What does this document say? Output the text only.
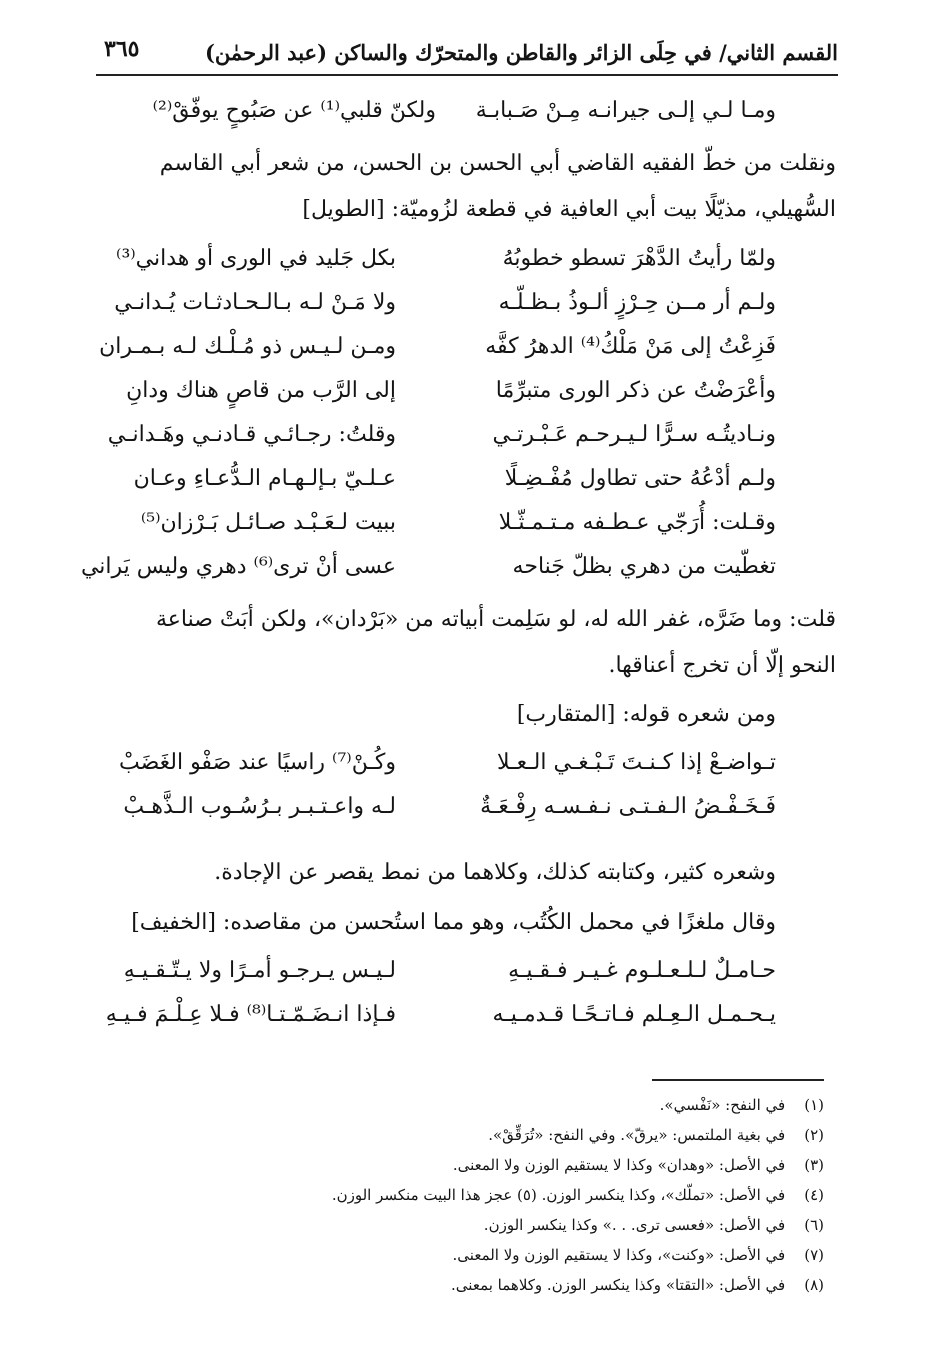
القسم الثاني/ في حِلَى الزائر والقاطن والمتحرّك والساكن (عبد الرحمٰن)
٣٦٥
ومـا لـي إلـى جيرانـه مِـنْ صَـبابـة
ولكنّ قلبي⁽¹⁾ عن صَبُوحٍ يوفّقْ⁽²⁾
ونقلت من خطّ الفقيه القاضي أبي الحسن بن الحسن، من شعر أبي القاسم
السُّهيلي، مذيّلًا بيت أبي العافية في قطعة لزُوميّة: [الطويل]
ولمّا رأيتُ الدَّهْرَ تسطو خطوبُهُ
بكل جَليد في الورى أو هداني⁽³⁾
ولـم أر مــن حِـرْزٍ ألـوذُ بـظـلّـه
ولا مَـنْ لـه بـالـحـادثـات يُـدانـي
فَزِعْتُ إلى مَنْ مَلْكُ⁽⁴⁾ الدهرُ كفَّه
ومـن لـيـس ذو مُـلْـك لـه بـمـران
وأعْرَضْتُ عن ذكر الورى متبرِّمًا
إلى الرَّب من قاصٍ هناك ودانِ
ونـاديتُـه سـرًّا لـيـرحـم عَـبْـرتـي
وقلتُ: رجـائـي قـادنـي وهَـدانـي
ولـم أدْعُهُ حتى تطاول مُفْـضِـلًا
عـلـيّ بـإلـهـام الـدُّعـاءِ وعـان
وقـلت: أُرَجّي عـطـفه مـتـمـثّـلا
ببيت لـعَـبْـد صـائـل بَـرْزان⁽⁵⁾
تغطّيت من دهري بظلّ جَناحه
عسى أنْ ترى⁽⁶⁾ دهري وليس يَراني
قلت: وما ضَرَّه، غفر الله له، لو سَلِمت أبياته من «بَرْدان»، ولكن أبَتْ صناعة
النحو إلّا أن تخرج أعناقها.
ومن شعره قوله: [المتقارب]
تـواضـعْ إذا كـنـتَ تَـبْـغـي الـعـلا
وكُـنْ⁽⁷⁾ راسيًا عند صَفْو الغَضَبْ
فَـخَـفْـضُ الـفـتـى نـفـسـه رِفْـعَـةٌ
لـه واعـتـبـر بـرُسُـوب الـذَّهـبْ
وشعره كثير، وكتابته كذلك، وكلاهما من نمط يقصر عن الإجادة.
وقال ملغزًا في محمل الكُتُب، وهو مما استُحسن من مقاصده: [الخفيف]
حـامـلٌ لـلـعـلـوم غـيـر فـقـيـهِ
لـيـس يـرجـو أمـرًا ولا يـتّـقـيـهِ
يـحـمـل الـعِـلم فـاتـحًـا قـدمـيـه
فـإذا انـضَـمّـتـا⁽⁸⁾ فـلا عِـلْـمَ فـيـهِ
(١) في النفح: «نَفْسي».
(٢) في بغية الملتمس: «يرقّ». وفي النفح: «تُرَقِّقْ».
(٣) في الأصل: «وهدان» وكذا لا يستقيم الوزن ولا المعنى.
(٤) في الأصل: «تملّك»، وكذا ينكسر الوزن. (٥) عجز هذا البيت منكسر الوزن.
(٦) في الأصل: «فعسى ترى. . .» وكذا ينكسر الوزن.
(٧) في الأصل: «وكنت»، وكذا لا يستقيم الوزن ولا المعنى.
(٨) في الأصل: «التقتا» وكذا ينكسر الوزن. وكلاهما بمعنى.
